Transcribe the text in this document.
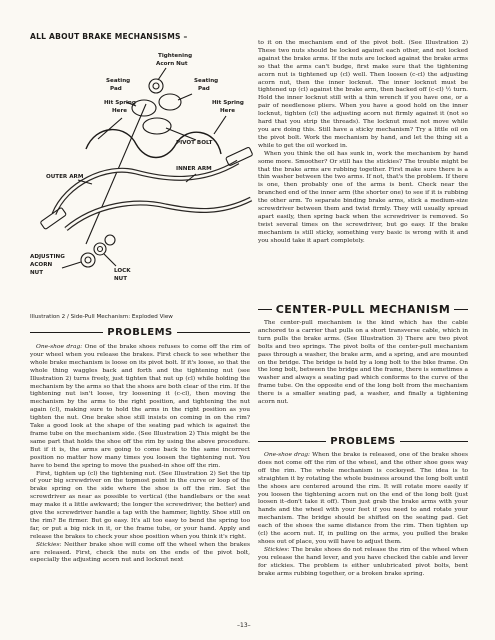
ALL ABOUT BRAKE MECHANSISMS –
Tightening Acorn Nut
Seating Pad
Seating Pad
Hit Spring Here
Hit Spring Here
PIVOT BOLT
OUTER ARM
INNER ARM
ADJUSTING ACORN NUT	LOCK NUT
Illustration 2 / Side-Pull Mechanism: Exploded View
PROBLEMS

One-shoe drag: One of the brake shoes refuses to come off the rim of your wheel when you release the brakes. First check to see whether the whole brake mechanism is loose on its pivot bolt. If it's loose, so that the whole thing waggles back and forth and the tightening nut (see Illustration 2) turns freely, just tighten that nut up (cl) while holding the mechanism by the arms so that the shoes are both clear of the rim. If the tightening nut isn't loose, try loosening it (c-cl), then moving the mechanism by the arms to the right position, and tightening the nut again (cl), making sure to hold the arms in the right position as you tighten the nut. One brake shoe still insists on coming in on the rim? Take a good look at the shape of the seating pad which is against the frame tube on the mechanism side. (See Illustration 2) This might be the same part that holds the shoe off the rim by using the above procedure. But if it is, the arms are going to come back to the same incorrect position no matter how many times you loosen the tightening nut. You have to bend the spring to move the pushed-in shoe off the rim.

First, tighten up (cl) the tightening nut. (See Illustration 2) Set the tip of your big screwdriver on the topmost point in the curve or loop of the brake spring on the side where the shoe is off the rim. Set the screwdriver as near as possible to vertical (the handlebars or the seat may make it a little awkward; the longer the screwdriver, the better) and give the screwdriver handle a tap with the hammer, lightly. Shoe still on the rim? Be firmer. But go easy. It's all too easy to bend the spring too far, or put a big nick in it, or the frame tube, or your hand. Apply and release the brakes to check your shoe position when you think it's right.

Stickies: Neither brake shoe will come off the wheel when the brakes are released. First, check the nuts on the ends of the pivot bolt, especially the adjusting acorn nut and locknut next

to it on the mechanism end of the pivot bolt. (See Illustration 2) These two nuts should be locked against each other, and not locked against the brake arms. If the nuts are locked against the brake arms so that the arms can't budge, first make sure that the tightening acorn nut is tightened up (cl) well. Then loosen (c-cl) the adjusting acorn nut, then the inner locknut. The inner locknut must be tightened up (cl) against the brake arm, then backed off (c-cl) ½ turn. Hold the inner locknut still with a thin wrench if you have one, or a pair of needlenose pliers. When you have a good hold on the inner locknut, tighten (cl) the adjusting acorn nut firmly against it (not so hard that you strip the threads). The locknut must not move while you are doing this. Still have a sticky mechanism? Try a little oil on the pivot bolt. Work the mechanism by hand, and let the thing sit a while to get the oil worked in.

When you think the oil has sunk in, work the mechanism by hand some more. Smoother? Or still has the stickies? The trouble might be that the brake arms are rubbing together. First make sure there is a thin washer between the two arms. If not, that's the problem. If there is one, then probably one of the arms is bent. Check near the branched end of the inner arm (the shorter one) to see if it is rubbing the other arm. To separate binding brake arms, stick a medium-size screwdriver between them and twist firmly. They will usually spread apart easily, then spring back when the screwdriver is removed. So twist several times on the screwdriver, but go easy. If the brake mechanism is still sticky, something very basic is wrong with it and you should take it apart completely.

CENTER-PULL MECHANISM

The center-pull mechanism is the kind which has the cable anchored to a carrier that pulls on a short transverse cable, which in turn pulls the brake arms. (See Illustration 3) There are two pivot bolts and two springs. The pivot bolts of the center-pull mechanism pass through a washer, the brake arm, and a spring, and are mounted on the bridge. The bridge is held by a long bolt to the bike frame. On the long bolt, between the bridge and the frame, there is sometimes a washer and always a seating pad which conforms to the curve of the frame tube. On the opposite end of the long bolt from the mechanism there is a smaller seating pad, a washer, and finally a tightening acorn nut.

PROBLEMS

One-shoe drag: When the brake is released, one of the brake shoes does not come off the rim of the wheel, and the other shoe goes way off the rim. The whole mechanism is cockeyed. The idea is to straighten it by rotating the whole business around the long bolt until the shoes are centered around the rim. It will rotate more easily if you loosen the tightening acorn nut on the end of the long bolt (just loosen it–don't take it off). Then just grab the brake arms with your hands and the wheel with your feet if you need to and rotate your mechanism. The bridge should be shifted on the seating pad. Get each of the shoes the same distance from the rim. Then tighten up (cl) the acorn nut. If, in pulling on the arms, you pulled the brake shoes out of place, you will have to adjust them.

Stickies: The brake shoes do not release the rim of the wheel when you release the hand lever, and you have checked the cable and lever for stickies. The problem is either unlubricated pivot bolts, bent brake arms rubbing together, or a broken brake spring.

–13–
